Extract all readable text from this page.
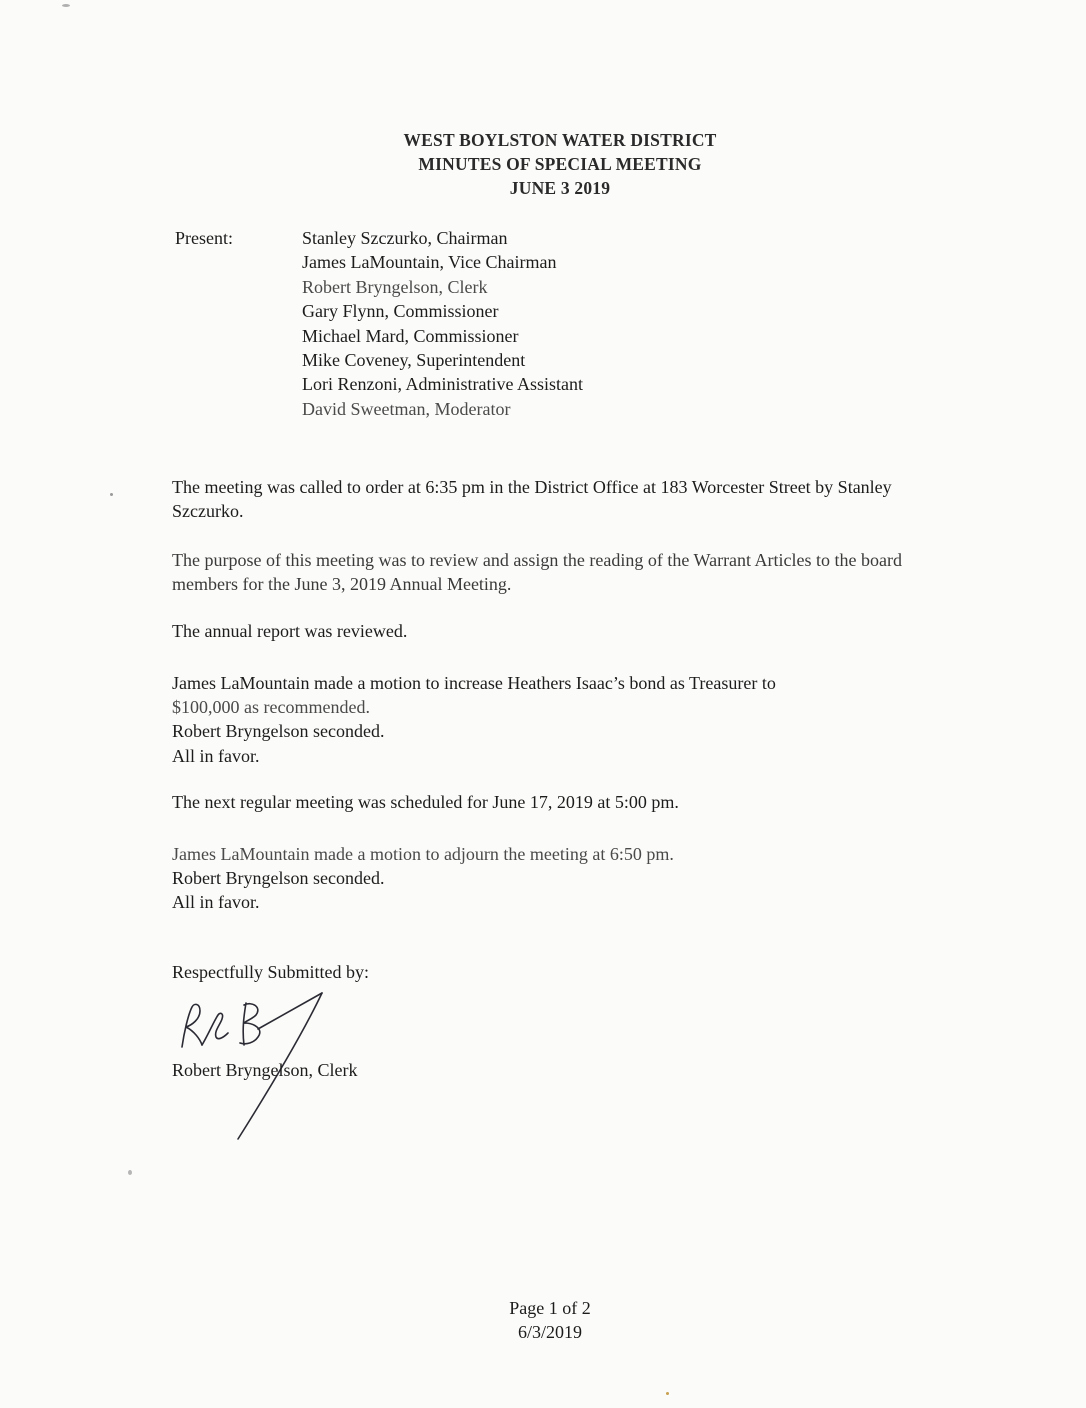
WEST BOYLSTON WATER DISTRICT
MINUTES OF SPECIAL MEETING
JUNE 3 2019
Present:	Stanley Szczurko, Chairman
James LaMountain, Vice Chairman
Robert Bryngelson, Clerk
Gary Flynn, Commissioner
Michael Mard, Commissioner
Mike Coveney, Superintendent
Lori Renzoni, Administrative Assistant
David Sweetman, Moderator

The meeting was called to order at 6:35 pm in the District Office at 183 Worcester Street by Stanley Szczurko.

The purpose of this meeting was to review and assign the reading of the Warrant Articles to the board members for the June 3, 2019 Annual Meeting.

The annual report was reviewed.

James LaMountain made a motion to increase Heathers Isaac’s bond as Treasurer to
$100,000 as recommended.
Robert Bryngelson seconded.
All in favor.

The next regular meeting was scheduled for June 17, 2019 at 5:00 pm.

James LaMountain made a motion to adjourn the meeting at 6:50 pm.
Robert Bryngelson seconded.
All in favor.

Respectfully Submitted by:

Robert Bryngelson, Clerk
Page 1 of 2
6/3/2019
